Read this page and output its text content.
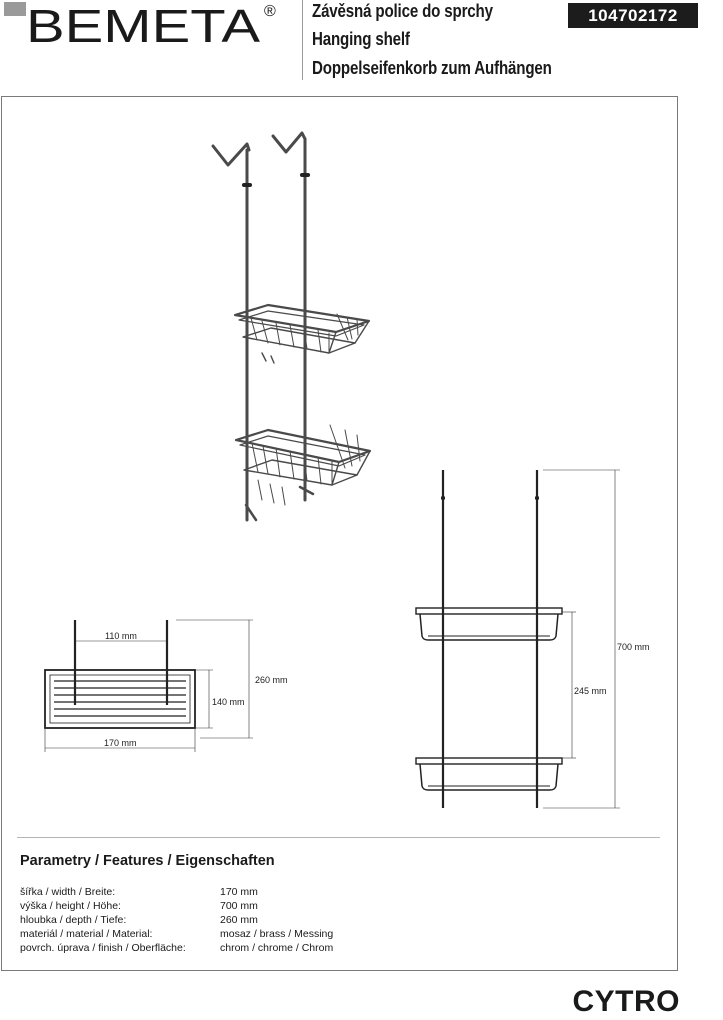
BEMETA ® Závěsná police do sprchy
Hanging shelf
Doppelseifenkorb zum Aufhängen
104702172
110 mm
170 mm
140 mm
260 mm
245 mm
700 mm
Parametry / Features / Eigenschaften
šířka / width / Breite:	170 mm
výška / height / Höhe:	700 mm
hloubka / depth / Tiefe:	260 mm
materiál / material / Material:	mosaz / brass / Messing
povrch. úprava / finish / Oberfläche:	chrom / chrome / Chrom
CYTRO
